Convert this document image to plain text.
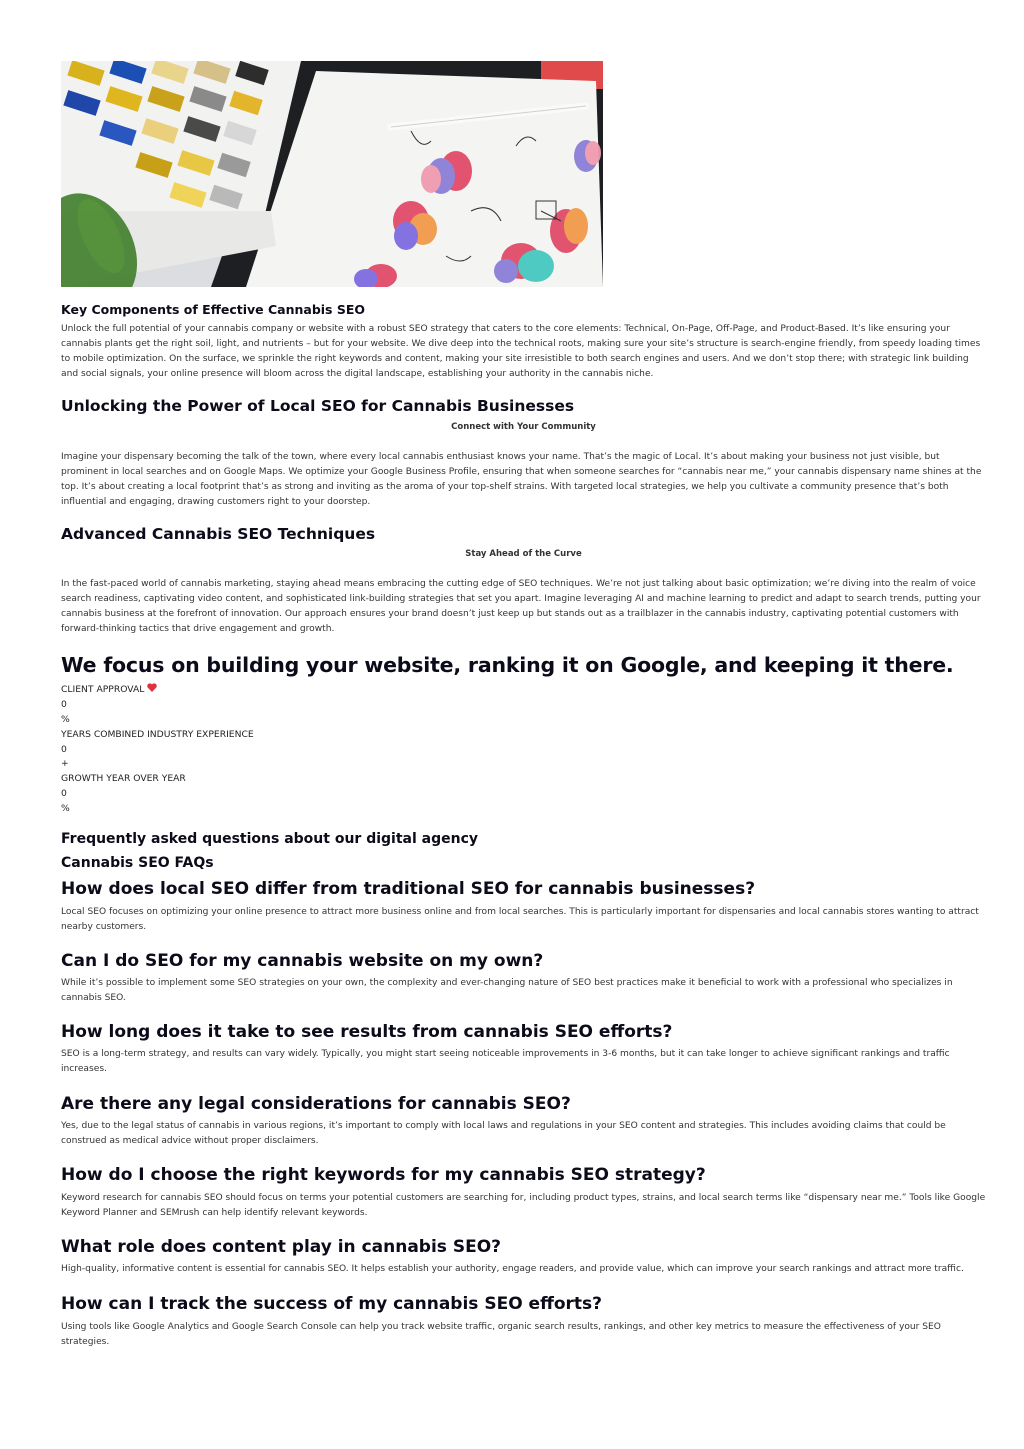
Key Components of Effective Cannabis SEO

Unlock the full potential of your cannabis company or website with a robust SEO strategy that caters to the core elements: Technical, On-Page, Off-Page, and Product-Based. It’s like ensuring your cannabis plants get the right soil, light, and nutrients – but for your website. We dive deep into the technical roots, making sure your site’s structure is search-engine friendly, from speedy loading times to mobile optimization. On the surface, we sprinkle the right keywords and content, making your site irresistible to both search engines and users. And we don’t stop there; with strategic link building and social signals, your online presence will bloom across the digital landscape, establishing your authority in the cannabis niche.

Unlocking the Power of Local SEO for Cannabis Businesses

Connect with Your Community

Imagine your dispensary becoming the talk of the town, where every local cannabis enthusiast knows your name. That’s the magic of Local. It’s about making your business not just visible, but prominent in local searches and on Google Maps. We optimize your Google Business Profile, ensuring that when someone searches for “cannabis near me,” your cannabis dispensary name shines at the top. It’s about creating a local footprint that’s as strong and inviting as the aroma of your top-shelf strains. With targeted local strategies, we help you cultivate a community presence that’s both influential and engaging, drawing customers right to your doorstep.

Advanced Cannabis SEO Techniques

Stay Ahead of the Curve

In the fast-paced world of cannabis marketing, staying ahead means embracing the cutting edge of SEO techniques. We’re not just talking about basic optimization; we’re diving into the realm of voice search readiness, captivating video content, and sophisticated link-building strategies that set you apart. Imagine leveraging AI and machine learning to predict and adapt to search trends, putting your cannabis business at the forefront of innovation. Our approach ensures your brand doesn’t just keep up but stands out as a trailblazer in the cannabis industry, captivating potential customers with forward-thinking tactics that drive engagement and growth.

We focus on building your website, ranking it on Google, and keeping it there.

CLIENT APPROVAL

0

%

YEARS COMBINED INDUSTRY EXPERIENCE

0

+

GROWTH YEAR OVER YEAR

0

%

Frequently asked questions about our digital agency
Cannabis SEO FAQs
How does local SEO differ from traditional SEO for cannabis businesses?

Local SEO focuses on optimizing your online presence to attract more business online and from local searches. This is particularly important for dispensaries and local cannabis stores wanting to attract nearby customers.

Can I do SEO for my cannabis website on my own?

While it’s possible to implement some SEO strategies on your own, the complexity and ever-changing nature of SEO best practices make it beneficial to work with a professional who specializes in cannabis SEO.

How long does it take to see results from cannabis SEO efforts?

SEO is a long-term strategy, and results can vary widely. Typically, you might start seeing noticeable improvements in 3-6 months, but it can take longer to achieve significant rankings and traffic increases.

Are there any legal considerations for cannabis SEO?

Yes, due to the legal status of cannabis in various regions, it’s important to comply with local laws and regulations in your SEO content and strategies. This includes avoiding claims that could be construed as medical advice without proper disclaimers.

How do I choose the right keywords for my cannabis SEO strategy?

Keyword research for cannabis SEO should focus on terms your potential customers are searching for, including product types, strains, and local search terms like “dispensary near me.” Tools like Google Keyword Planner and SEMrush can help identify relevant keywords.

What role does content play in cannabis SEO?

High-quality, informative content is essential for cannabis SEO. It helps establish your authority, engage readers, and provide value, which can improve your search rankings and attract more traffic.

How can I track the success of my cannabis SEO efforts?

Using tools like Google Analytics and Google Search Console can help you track website traffic, organic search results, rankings, and other key metrics to measure the effectiveness of your SEO strategies.
